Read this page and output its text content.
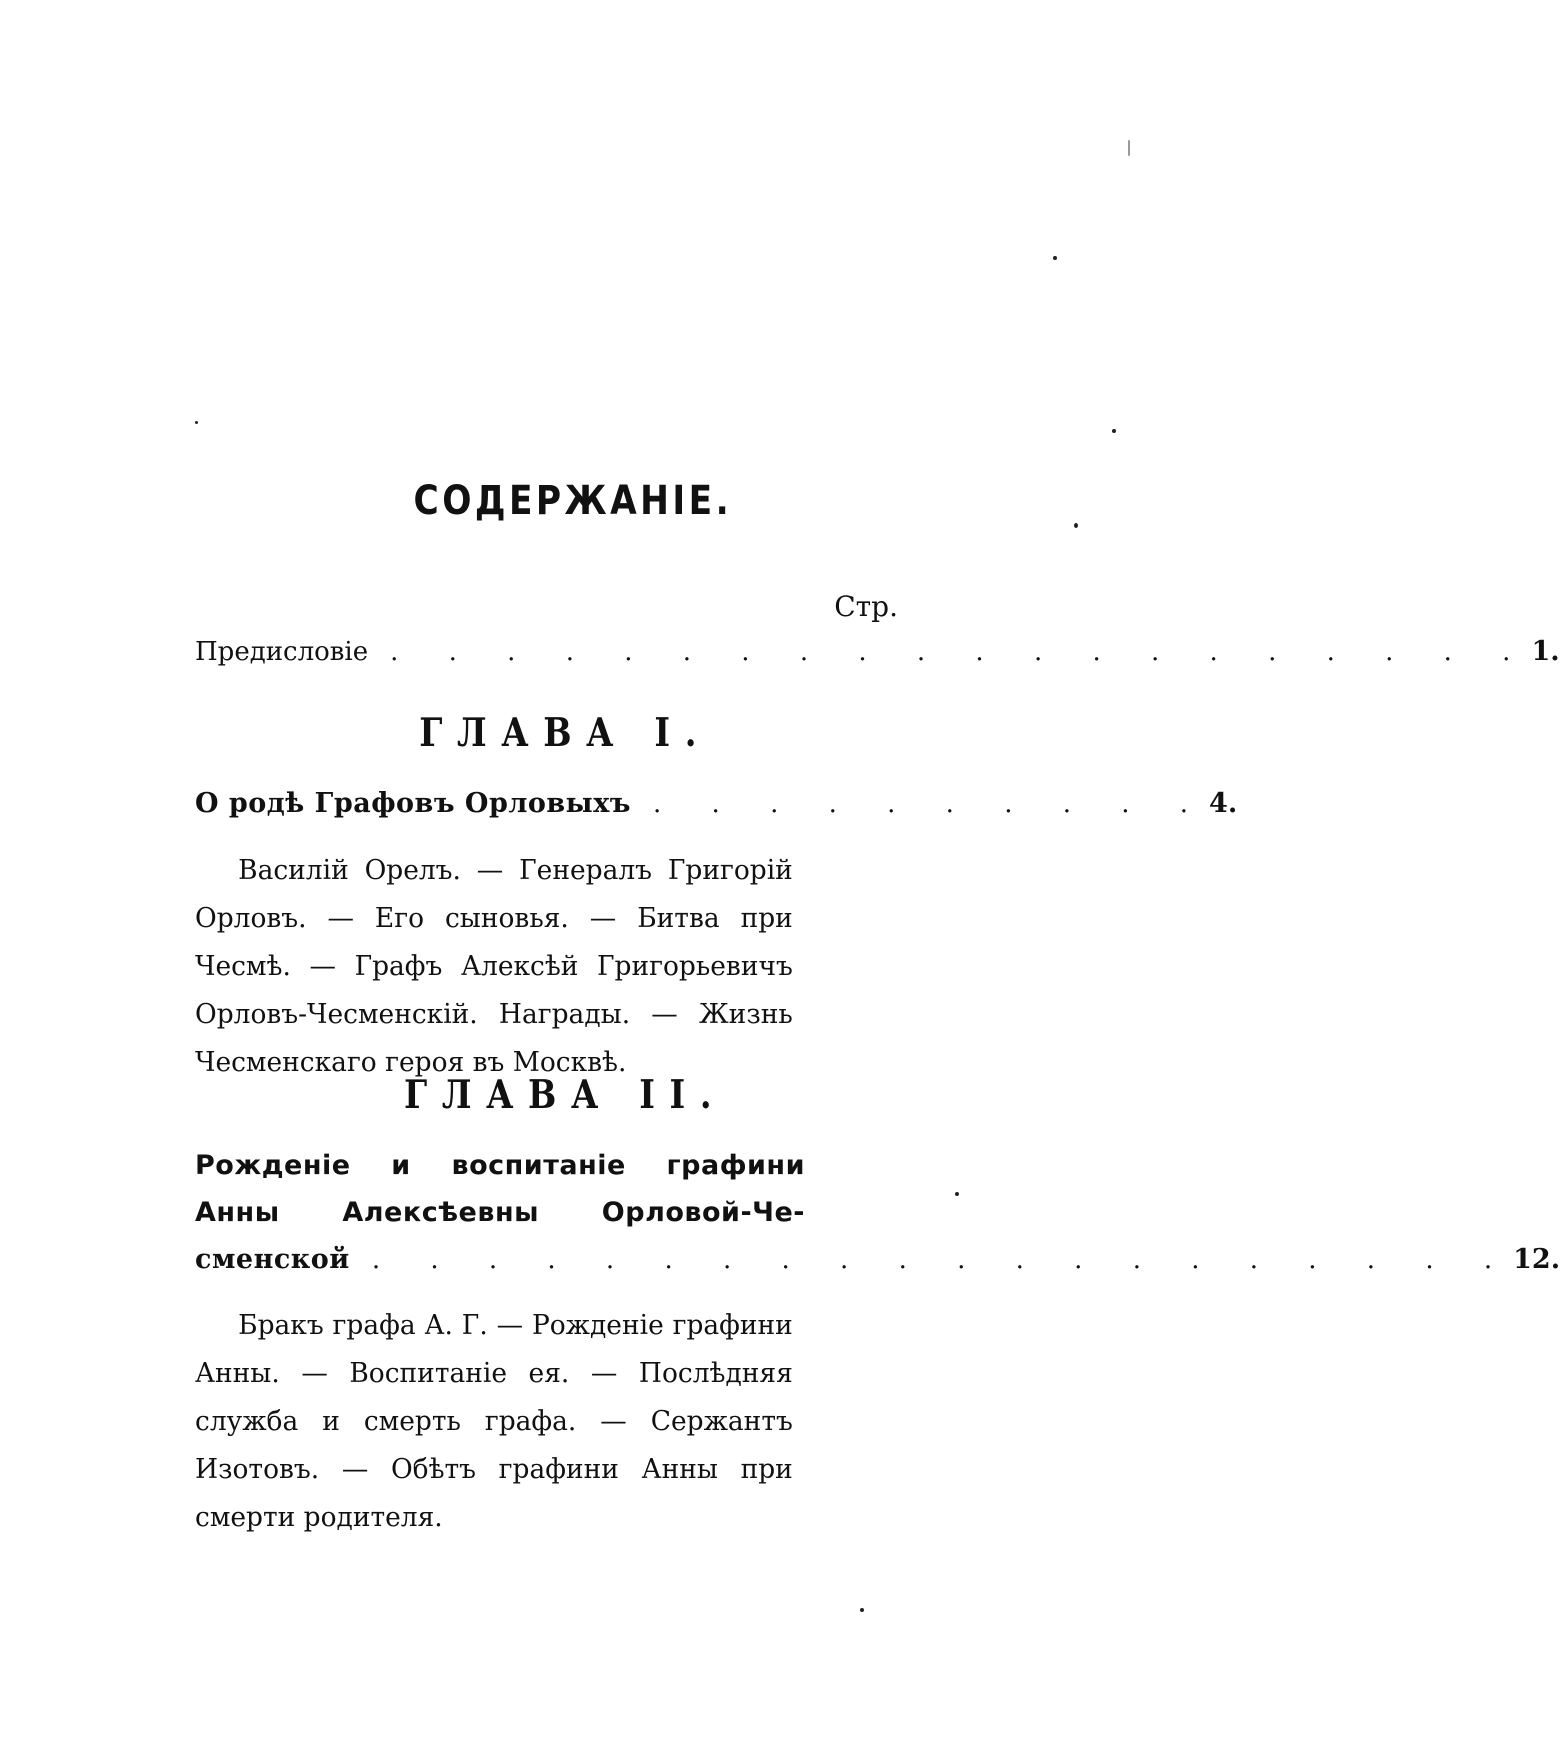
СОДЕРЖАНІЕ.
Стр.
Предисловіе . . . . . . . . . . . . . . . . . . . . 1.
ГЛАВА I.
О родѣ Графовъ Орловыхъ . . . . . . . . . . 4.
Василій Орелъ. — Генералъ Григорій Орловъ. — Его сыновья. — Битва при Чесмѣ. — Графъ Алексѣй Григорьевичъ Орловъ-Чесменскій. Награды. — Жизнь Чесменскаго героя въ Москвѣ.
ГЛАВА II.
Рожденіе и воспитаніе графини
Анны Алексѣевны Орловой-Че-
сменской . . . . . . . . . . . . . . . . . . . . 12.
Бракъ графа А. Г. — Рожденіе графини Анны. — Воспитаніе ея. — Послѣдняя служба и смерть графа. — Сержантъ Изотовъ. — Обѣтъ графини Анны при смерти родителя.
